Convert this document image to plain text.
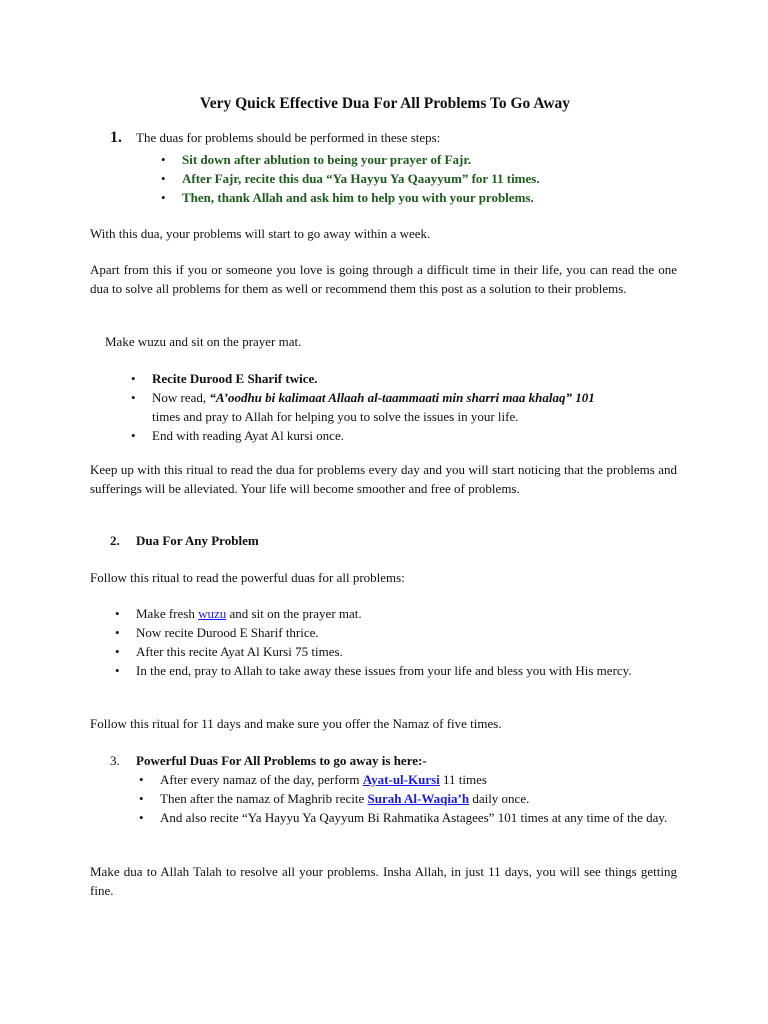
Very Quick Effective Dua For All Problems To Go Away
1. The duas for problems should be performed in these steps:
•	Sit down after ablution to being your prayer of Fajr.
•	After Fajr, recite this dua “Ya Hayyu Ya Qaayyum” for 11 times.
•	Then, thank Allah and ask him to help you with your problems.

With this dua, your problems will start to go away within a week.

Apart from this if you or someone you love is going through a difficult time in their life, you can read the one dua to solve all problems for them as well or recommend them this post as a solution to their problems.

Make wuzu and sit on the prayer mat.

•	Recite Durood E Sharif twice.
•	Now read, “A’oodhu bi kalimaat Allaah al-taammaati min sharri maa khalaq” 101
times and pray to Allah for helping you to solve the issues in your life.
•	End with reading Ayat Al kursi once.

Keep up with this ritual to read the dua for problems every day and you will start noticing that the problems and sufferings will be alleviated. Your life will become smoother and free of problems.

2. Dua For Any Problem

Follow this ritual to read the powerful duas for all problems:

•	Make fresh wuzu and sit on the prayer mat.
•	Now recite Durood E Sharif thrice.
•	After this recite Ayat Al Kursi 75 times.
•	In the end, pray to Allah to take away these issues from your life and bless you with His mercy.

Follow this ritual for 11 days and make sure you offer the Namaz of five times.

3. Powerful Duas For All Problems to go away is here:-
•	After every namaz of the day, perform Ayat-ul-Kursi 11 times
•	Then after the namaz of Maghrib recite Surah Al-Waqia’h daily once.
•	And also recite “Ya Hayyu Ya Qayyum Bi Rahmatika Astagees” 101 times at any time of the day.

Make dua to Allah Talah to resolve all your problems. Insha Allah, in just 11 days, you will see things getting fine.
